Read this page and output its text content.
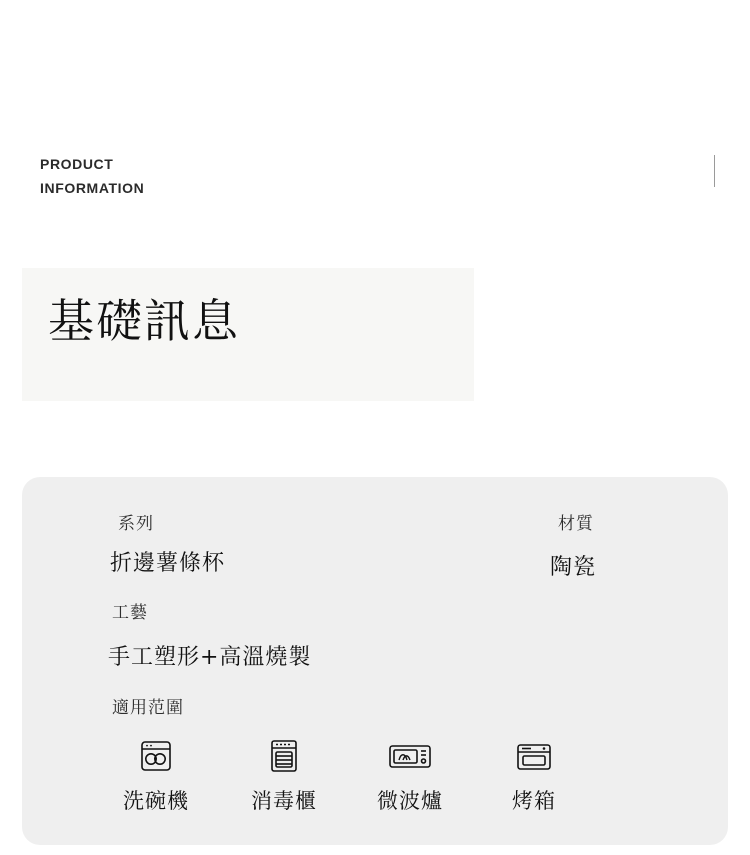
PRODUCT
INFORMATION
基礎訊息
系列
折邊薯條杯
材質
陶瓷
工藝
手工塑形+高溫燒製
適用范圍
洗碗機	消毒櫃	微波爐	烤箱
